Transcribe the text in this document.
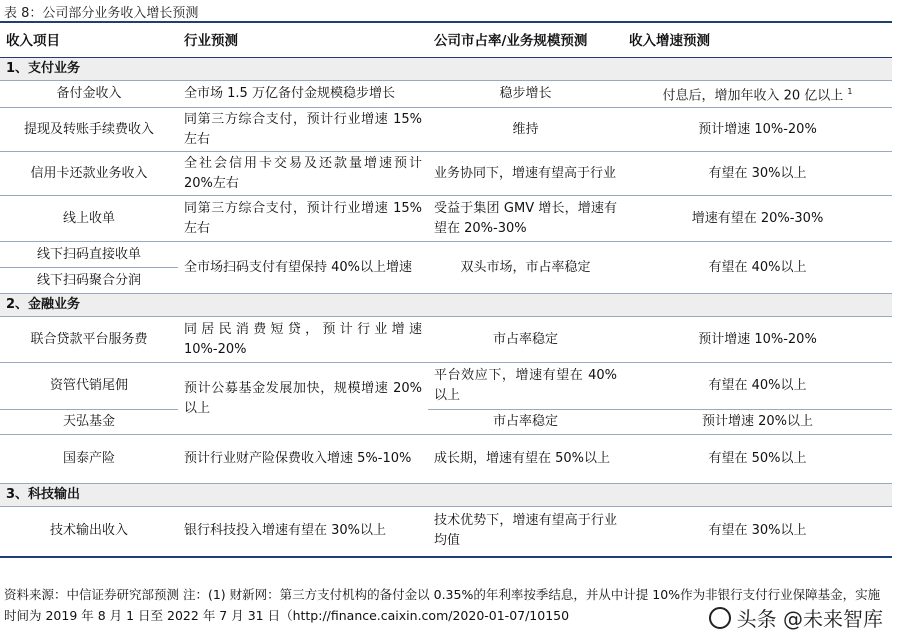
表 8：公司部分业务收入增长预测
收入项目	行业预测	公司市占率/业务规模预测	收入增速预测
1、支付业务			
备付金收入	全市场 1.5 万亿备付金规模稳步增长	稳步增长	付息后，增加年收入 20 亿以上 $^1$
提现及转账手续费收入	同第三方综合支付，预计行业增速 15%左右	维持	预计增速 10%-20%
信用卡还款业务收入	全社会信用卡交易及还款量增速预计 20%左右	业务协同下，增速有望高于行业	有望在 30%以上
线上收单	同第三方综合支付，预计行业增速 15%左右	受益于集团 GMV 增长，增速有望在 20%-30%	增速有望在 20%-30%
线下扫码直接收单	全市场扫码支付有望保持 40%以上增速	双头市场，市占率稳定	有望在 40%以上
线下扫码聚合分润			
2、金融业务			
联合贷款平台服务费	同居民消费短贷，预计行业增速 10%-20%	市占率稳定	预计增速 10%-20%
资管代销尾佣	预计公募基金发展加快，规模增速 20%以上	平台效应下，增速有望在 40%以上	有望在 40%以上
天弘基金		市占率稳定	预计增速 20%以上
国泰产险	预计行业财产险保费收入增速 5%-10%	成长期，增速有望在 50%以上	有望在 50%以上
3、科技输出			
技术输出收入	银行科技投入增速有望在 30%以上	技术优势下，增速有望高于行业均值	有望在 30%以上
资料来源：中信证券研究部预测 注：(1) 财新网：第三方支付机构的备付金以 0.35%的年利率按季结息，并从中计提 10%作为非银行支付行业保障基金，实施时间为 2019 年 8 月 1 日至 2022 年 7 月 31 日（http://finance.caixin.com/2020-01-07/10150	头条 @未来智库
